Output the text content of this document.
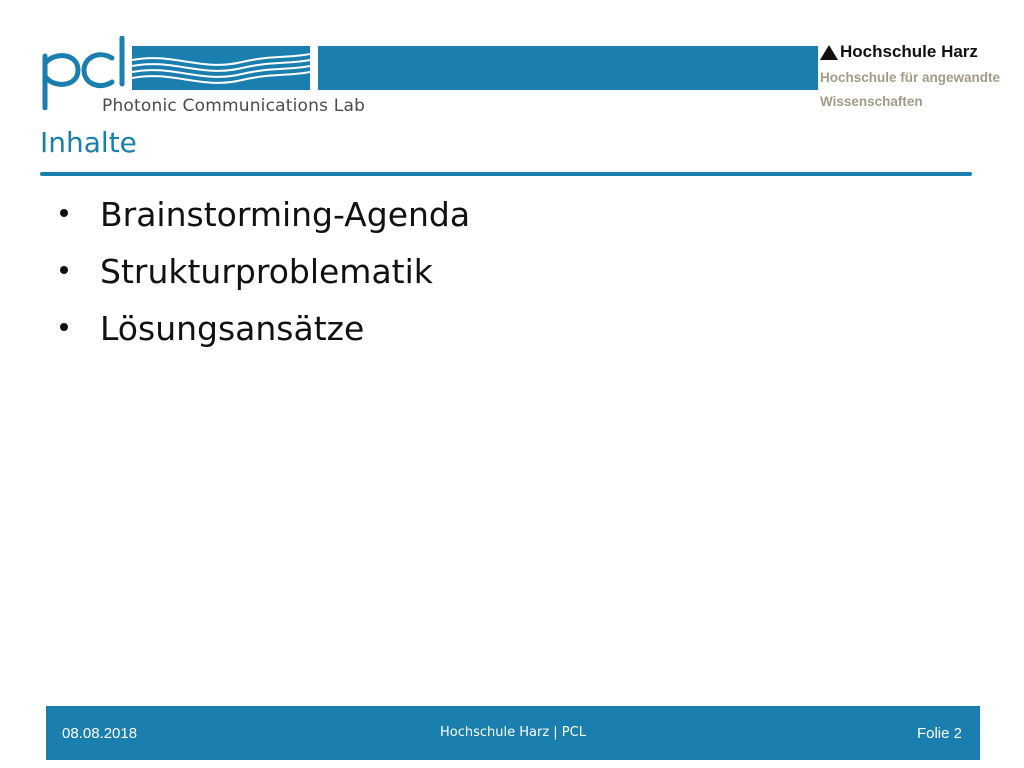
Photonic Communications Lab
Hochschule Harz
Hochschule für angewandte
Wissenschaften
Inhalte
Brainstorming-Agenda
Strukturproblematik
Lösungsansätze
08.08.2018	Hochschule Harz | PCL	Folie 2
